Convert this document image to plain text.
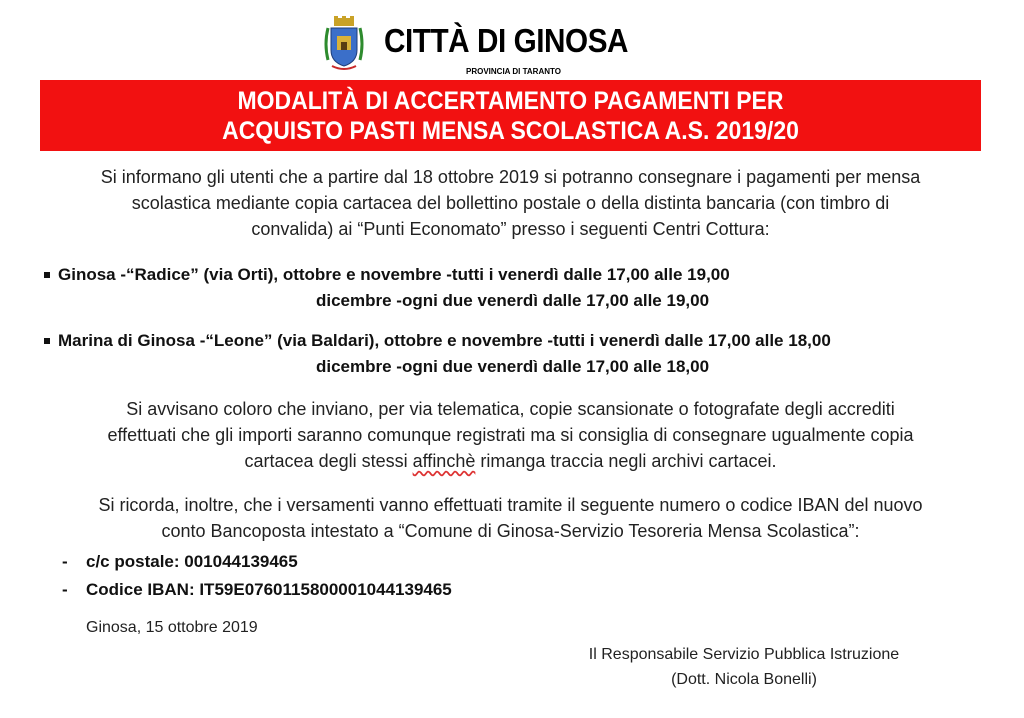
CITTÀ DI GINOSA
PROVINCIA DI TARANTO
MODALITÀ DI ACCERTAMENTO PAGAMENTI PER
ACQUISTO PASTI MENSA SCOLASTICA A.S. 2019/20
Si informano gli utenti che a partire dal 18 ottobre 2019 si potranno consegnare i pagamenti per mensa
scolastica mediante copia cartacea del bollettino postale o della distinta bancaria (con timbro di
convalida) ai “Punti Economato” presso i seguenti Centri Cottura:
Ginosa -“Radice” (via Orti), ottobre e novembre -tutti i venerdì dalle 17,00 alle 19,00
dicembre -ogni due venerdì dalle 17,00 alle 19,00
Marina di Ginosa -“Leone” (via Baldari), ottobre e novembre -tutti i venerdì dalle 17,00 alle 18,00
dicembre -ogni due venerdì dalle 17,00 alle 18,00
Si avvisano coloro che inviano, per via telematica, copie scansionate o fotografate degli accrediti
effettuati che gli importi saranno comunque registrati ma si consiglia di consegnare ugualmente copia
cartacea degli stessi affinchè rimanga traccia negli archivi cartacei.
Si ricorda, inoltre, che i versamenti vanno effettuati tramite il seguente numero o codice IBAN del nuovo
conto Bancoposta intestato a “Comune di Ginosa-Servizio Tesoreria Mensa Scolastica”:
- c/c postale: 001044139465
- Codice IBAN: IT59E0760115800001044139465
Ginosa, 15 ottobre 2019
Il Responsabile Servizio Pubblica Istruzione
(Dott. Nicola Bonelli)
